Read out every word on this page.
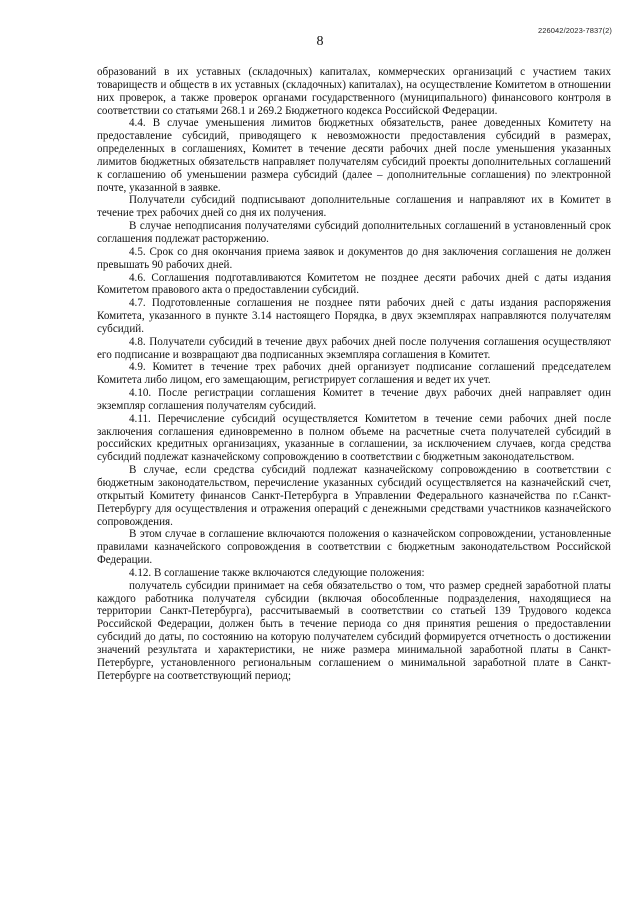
226042/2023-7837(2)
8

образований в их уставных (складочных) капиталах, коммерческих организаций с участием таких товариществ и обществ в их уставных (складочных) капиталах), на осуществление Комитетом в отношении них проверок, а также проверок органами государственного (муниципального) финансового контроля в соответствии со статьями 268.1 и 269.2 Бюджетного кодекса Российской Федерации.

4.4. В случае уменьшения лимитов бюджетных обязательств, ранее доведенных Комитету на предоставление субсидий, приводящего к невозможности предоставления субсидий в размерах, определенных в соглашениях, Комитет в течение десяти рабочих дней после уменьшения указанных лимитов бюджетных обязательств направляет получателям субсидий проекты дополнительных соглашений к соглашению об уменьшении размера субсидий (далее – дополнительные соглашения) по электронной почте, указанной в заявке.

Получатели субсидий подписывают дополнительные соглашения и направляют их в Комитет в течение трех рабочих дней со дня их получения.

В случае неподписания получателями субсидий дополнительных соглашений в установленный срок соглашения подлежат расторжению.

4.5. Срок со дня окончания приема заявок и документов до дня заключения соглашения не должен превышать 90 рабочих дней.

4.6. Соглашения подготавливаются Комитетом не позднее десяти рабочих дней с даты издания Комитетом правового акта о предоставлении субсидий.

4.7. Подготовленные соглашения не позднее пяти рабочих дней с даты издания распоряжения Комитета, указанного в пункте 3.14 настоящего Порядка, в двух экземплярах направляются получателям субсидий.

4.8. Получатели субсидий в течение двух рабочих дней после получения соглашения осуществляют его подписание и возвращают два подписанных экземпляра соглашения в Комитет.

4.9. Комитет в течение трех рабочих дней организует подписание соглашений председателем Комитета либо лицом, его замещающим, регистрирует соглашения и ведет их учет.

4.10. После регистрации соглашения Комитет в течение двух рабочих дней направляет один экземпляр соглашения получателям субсидий.

4.11. Перечисление субсидий осуществляется Комитетом в течение семи рабочих дней после заключения соглашения единовременно в полном объеме на расчетные счета получателей субсидий в российских кредитных организациях, указанные в соглашении, за исключением случаев, когда средства субсидий подлежат казначейскому сопровождению в соответствии с бюджетным законодательством.

В случае, если средства субсидий подлежат казначейскому сопровождению в соответствии с бюджетным законодательством, перечисление указанных субсидий осуществляется на казначейский счет, открытый Комитету финансов Санкт-Петербурга в Управлении Федерального казначейства по г.Санкт-Петербургу для осуществления и отражения операций с денежными средствами участников казначейского сопровождения.

В этом случае в соглашение включаются положения о казначейском сопровождении, установленные правилами казначейского сопровождения в соответствии с бюджетным законодательством Российской Федерации.

4.12. В соглашение также включаются следующие положения:

получатель субсидии принимает на себя обязательство о том, что размер средней заработной платы каждого работника получателя субсидии (включая обособленные подразделения, находящиеся на территории Санкт-Петербурга), рассчитываемый в соответствии со статьей 139 Трудового кодекса Российской Федерации, должен быть в течение периода со дня принятия решения о предоставлении субсидий до даты, по состоянию на которую получателем субсидий формируется отчетность о достижении значений результата и характеристики, не ниже размера минимальной заработной платы в Санкт-Петербурге, установленного региональным соглашением о минимальной заработной плате в Санкт-Петербурге на соответствующий период;
